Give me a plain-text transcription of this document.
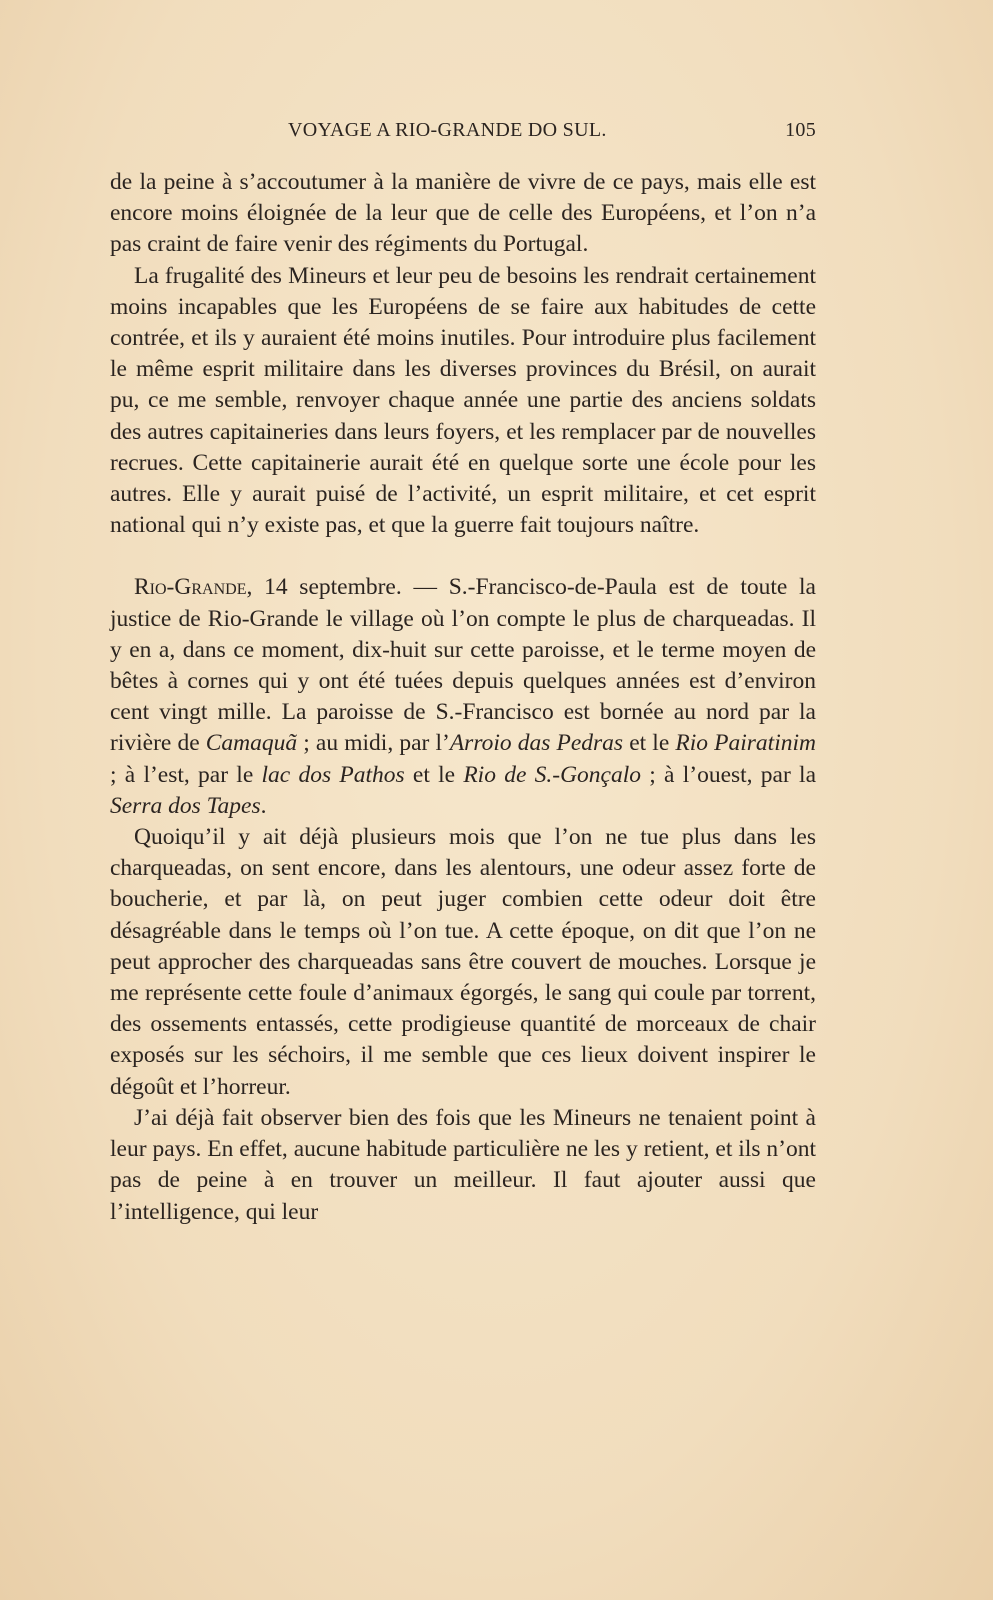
VOYAGE A RIO-GRANDE DO SUL.	105

de la peine à s’accoutumer à la manière de vivre de ce pays, mais elle est encore moins éloignée de la leur que de celle des Européens, et l’on n’a pas craint de faire venir des régiments du Portugal.

La frugalité des Mineurs et leur peu de besoins les rendrait certainement moins incapables que les Européens de se faire aux habitudes de cette contrée, et ils y auraient été moins inutiles. Pour introduire plus facilement le même esprit militaire dans les diverses provinces du Brésil, on aurait pu, ce me semble, renvoyer chaque année une partie des anciens soldats des autres capitaineries dans leurs foyers, et les remplacer par de nouvelles recrues. Cette capitainerie aurait été en quelque sorte une école pour les autres. Elle y aurait puisé de l’activité, un esprit militaire, et cet esprit national qui n’y existe pas, et que la guerre fait toujours naître.

Rio-Grande, 14 septembre. — S.-Francisco-de-Paula est de toute la justice de Rio-Grande le village où l’on compte le plus de charqueadas. Il y en a, dans ce moment, dix-huit sur cette paroisse, et le terme moyen de bêtes à cornes qui y ont été tuées depuis quelques années est d’environ cent vingt mille. La paroisse de S.-Francisco est bornée au nord par la rivière de Camaquã ; au midi, par l’Arroio das Pedras et le Rio Pairatinim ; à l’est, par le lac dos Pathos et le Rio de S.-Gonçalo ; à l’ouest, par la Serra dos Tapes.

Quoiqu’il y ait déjà plusieurs mois que l’on ne tue plus dans les charqueadas, on sent encore, dans les alentours, une odeur assez forte de boucherie, et par là, on peut juger combien cette odeur doit être désagréable dans le temps où l’on tue. A cette époque, on dit que l’on ne peut approcher des charqueadas sans être couvert de mouches. Lorsque je me représente cette foule d’animaux égorgés, le sang qui coule par torrent, des ossements entassés, cette prodigieuse quantité de morceaux de chair exposés sur les séchoirs, il me semble que ces lieux doivent inspirer le dégoût et l’horreur.

J’ai déjà fait observer bien des fois que les Mineurs ne tenaient point à leur pays. En effet, aucune habitude particulière ne les y retient, et ils n’ont pas de peine à en trouver un meilleur. Il faut ajouter aussi que l’intelligence, qui leur
